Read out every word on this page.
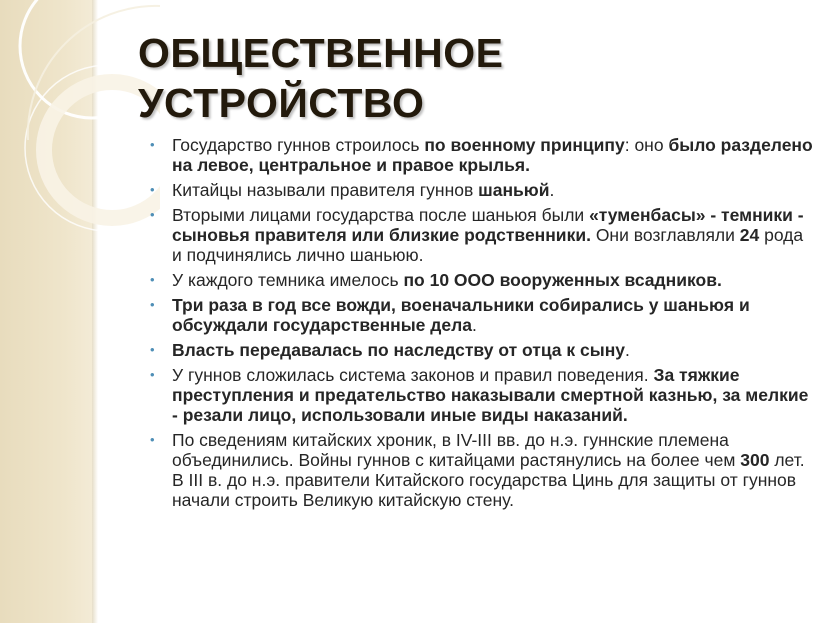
ОБЩЕСТВЕННОЕ
УСТРОЙСТВО
• Государство гуннов строилось по военному принципу: оно было разделено на левое, центральное и правое крылья.
• Китайцы называли правителя гуннов шаньюй.
• Вторыми лицами государства после шаньюя были «туменбасы» - темники - сыновья правителя или близкие родственники. Они возглавляли 24 рода и подчинялись лично шаньюю.
• У каждого темника имелось по 10 ООО вооруженных всадников.
• Три раза в год все вожди, военачальники собирались у шаньюя и обсуждали государственные дела.
• Власть передавалась по наследству от отца к сыну.
• У гуннов сложилась система законов и правил поведения. За тяжкие преступления и предательство наказывали смертной казнью, за мелкие - резали лицо, использовали иные виды наказаний.
• По сведениям китайских хроник, в IV-III вв. до н.э. гуннские племена объединились. Войны гуннов с китайцами растянулись на более чем 300 лет. В III в. до н.э. правители Китайского государства Цинь для защиты от гуннов начали строить Великую китайскую стену.
